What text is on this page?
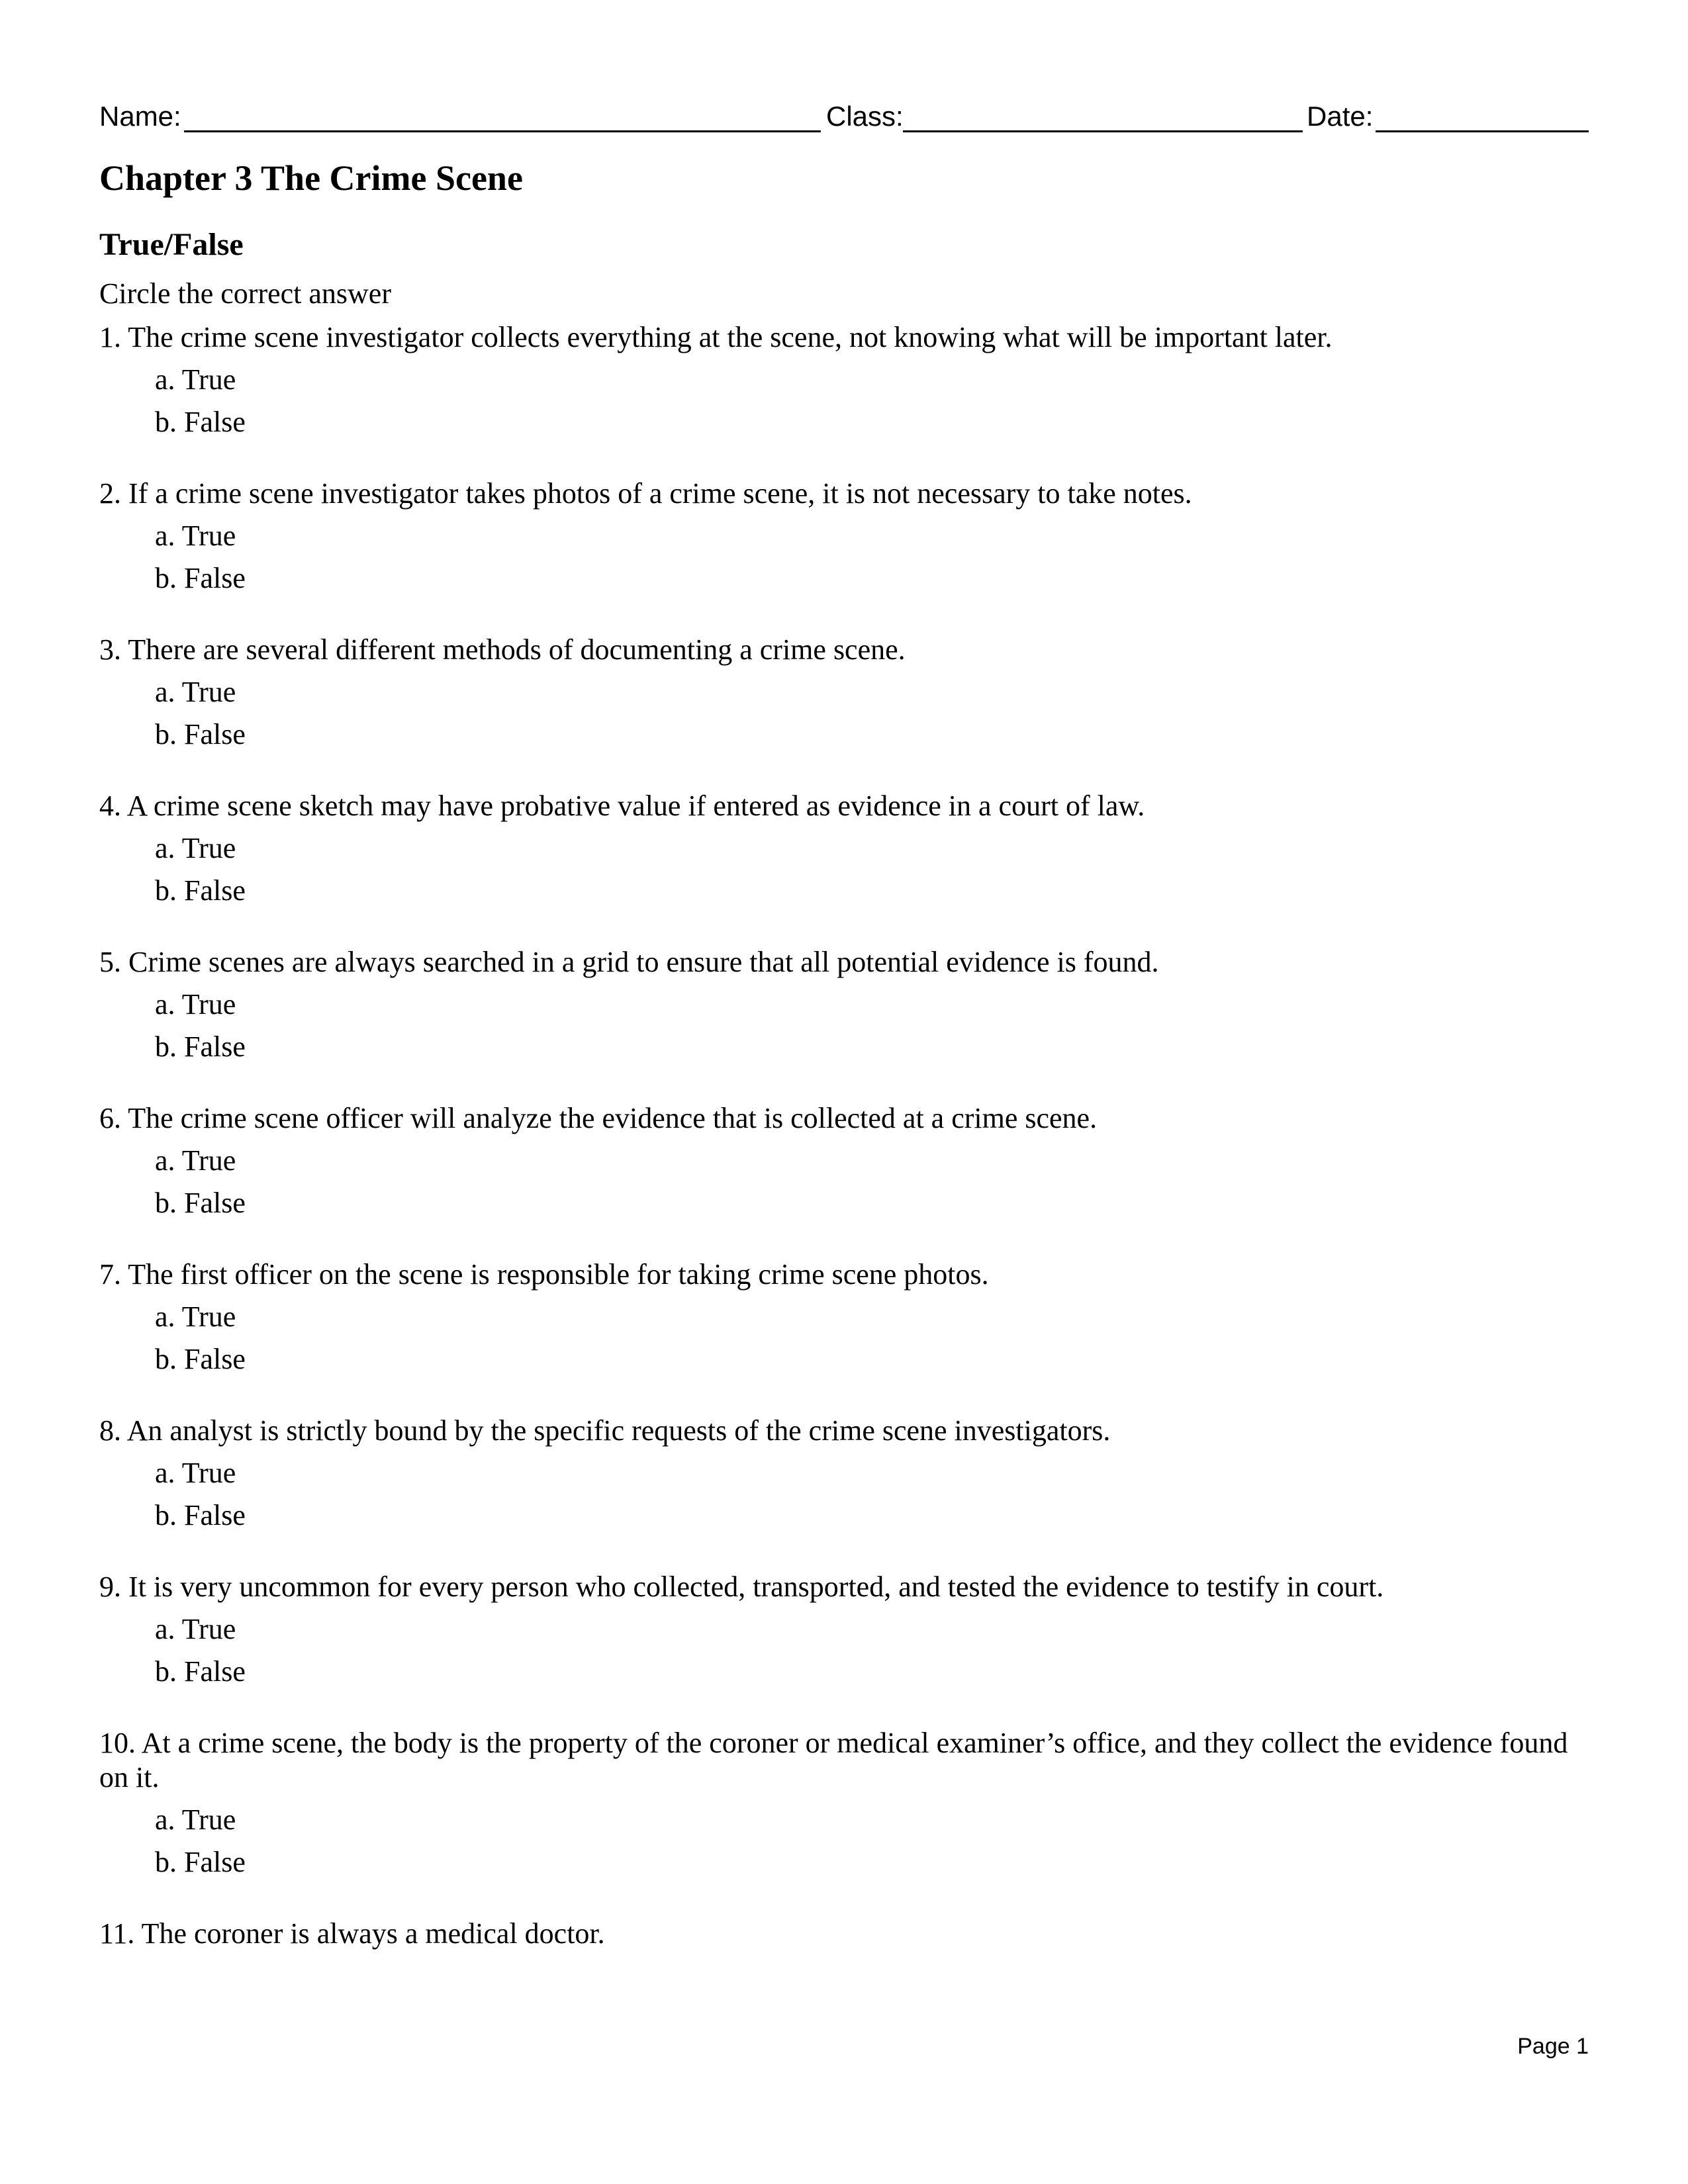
Name:	Class:	Date:
Chapter 3 The Crime Scene
True/False
Circle the correct answer
1. The crime scene investigator collects everything at the scene, not knowing what will be important later.
a. True
b. False
2. If a crime scene investigator takes photos of a crime scene, it is not necessary to take notes.
a. True
b. False
3. There are several different methods of documenting a crime scene.
a. True
b. False
4. A crime scene sketch may have probative value if entered as evidence in a court of law.
a. True
b. False
5. Crime scenes are always searched in a grid to ensure that all potential evidence is found.
a. True
b. False
6. The crime scene officer will analyze the evidence that is collected at a crime scene.
a. True
b. False
7. The first officer on the scene is responsible for taking crime scene photos.
a. True
b. False
8. An analyst is strictly bound by the specific requests of the crime scene investigators.
a. True
b. False
9. It is very uncommon for every person who collected, transported, and tested the evidence to testify in court.
a. True
b. False
10. At a crime scene, the body is the property of the coroner or medical examiner’s office, and they collect the evidence found on it.
a. True
b. False
11. The coroner is always a medical doctor.
Page 1
